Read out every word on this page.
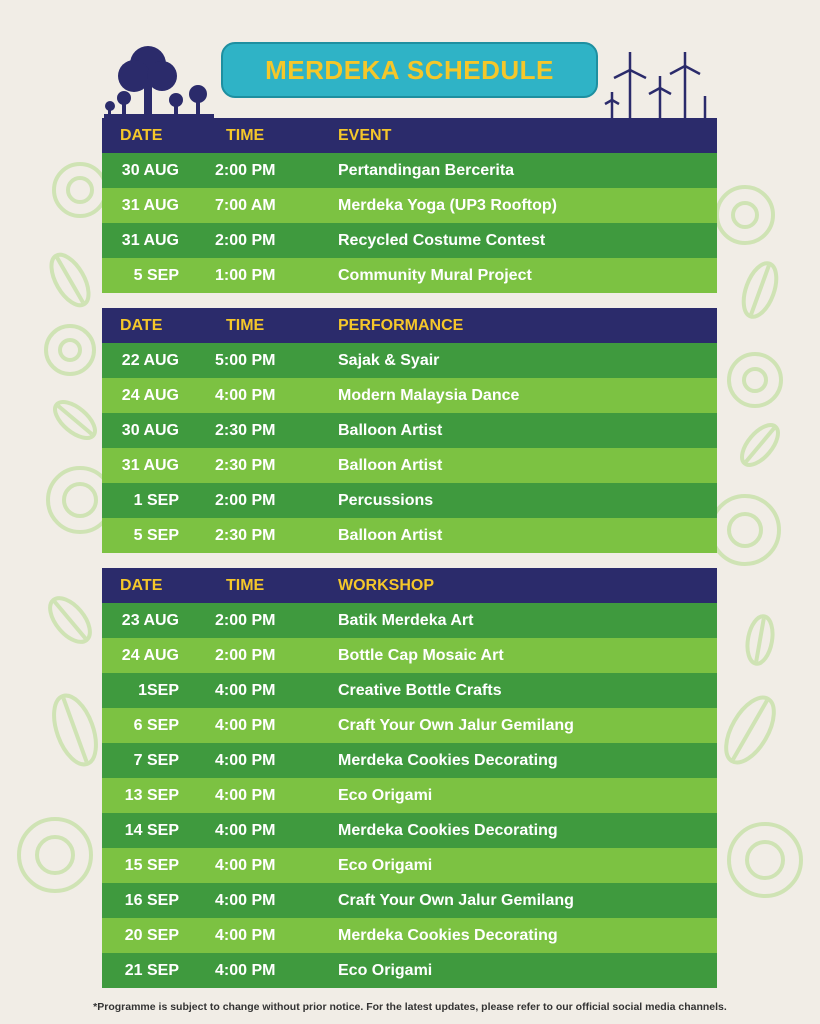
MERDEKA SCHEDULE
DATE	TIME	EVENT
30 AUG 2:00 PM	Pertandingan Bercerita
31 AUG 7:00 AM	Merdeka Yoga (UP3 Rooftop)
31 AUG 2:00 PM	Recycled Costume Contest
5 SEP 1:00 PM	Community Mural Project
DATE	TIME	PERFORMANCE
22 AUG 5:00 PM	Sajak & Syair
24 AUG 4:00 PM	Modern Malaysia Dance
30 AUG 2:30 PM	Balloon Artist
31 AUG 2:30 PM	Balloon Artist
1 SEP 2:00 PM	Percussions
5 SEP 2:30 PM	Balloon Artist
DATE	TIME	WORKSHOP
23 AUG 2:00 PM	Batik Merdeka Art
24 AUG 2:00 PM	Bottle Cap Mosaic Art
1SEP 4:00 PM	Creative Bottle Crafts
6 SEP 4:00 PM	Craft Your Own Jalur Gemilang
7 SEP 4:00 PM	Merdeka Cookies Decorating
13 SEP 4:00 PM	Eco Origami
14 SEP 4:00 PM	Merdeka Cookies Decorating
15 SEP 4:00 PM	Eco Origami
16 SEP 4:00 PM	Craft Your Own Jalur Gemilang
20 SEP 4:00 PM	Merdeka Cookies Decorating
21 SEP 4:00 PM	Eco Origami
*Programme is subject to change without prior notice. For the latest updates, please refer to our official social media channels.
